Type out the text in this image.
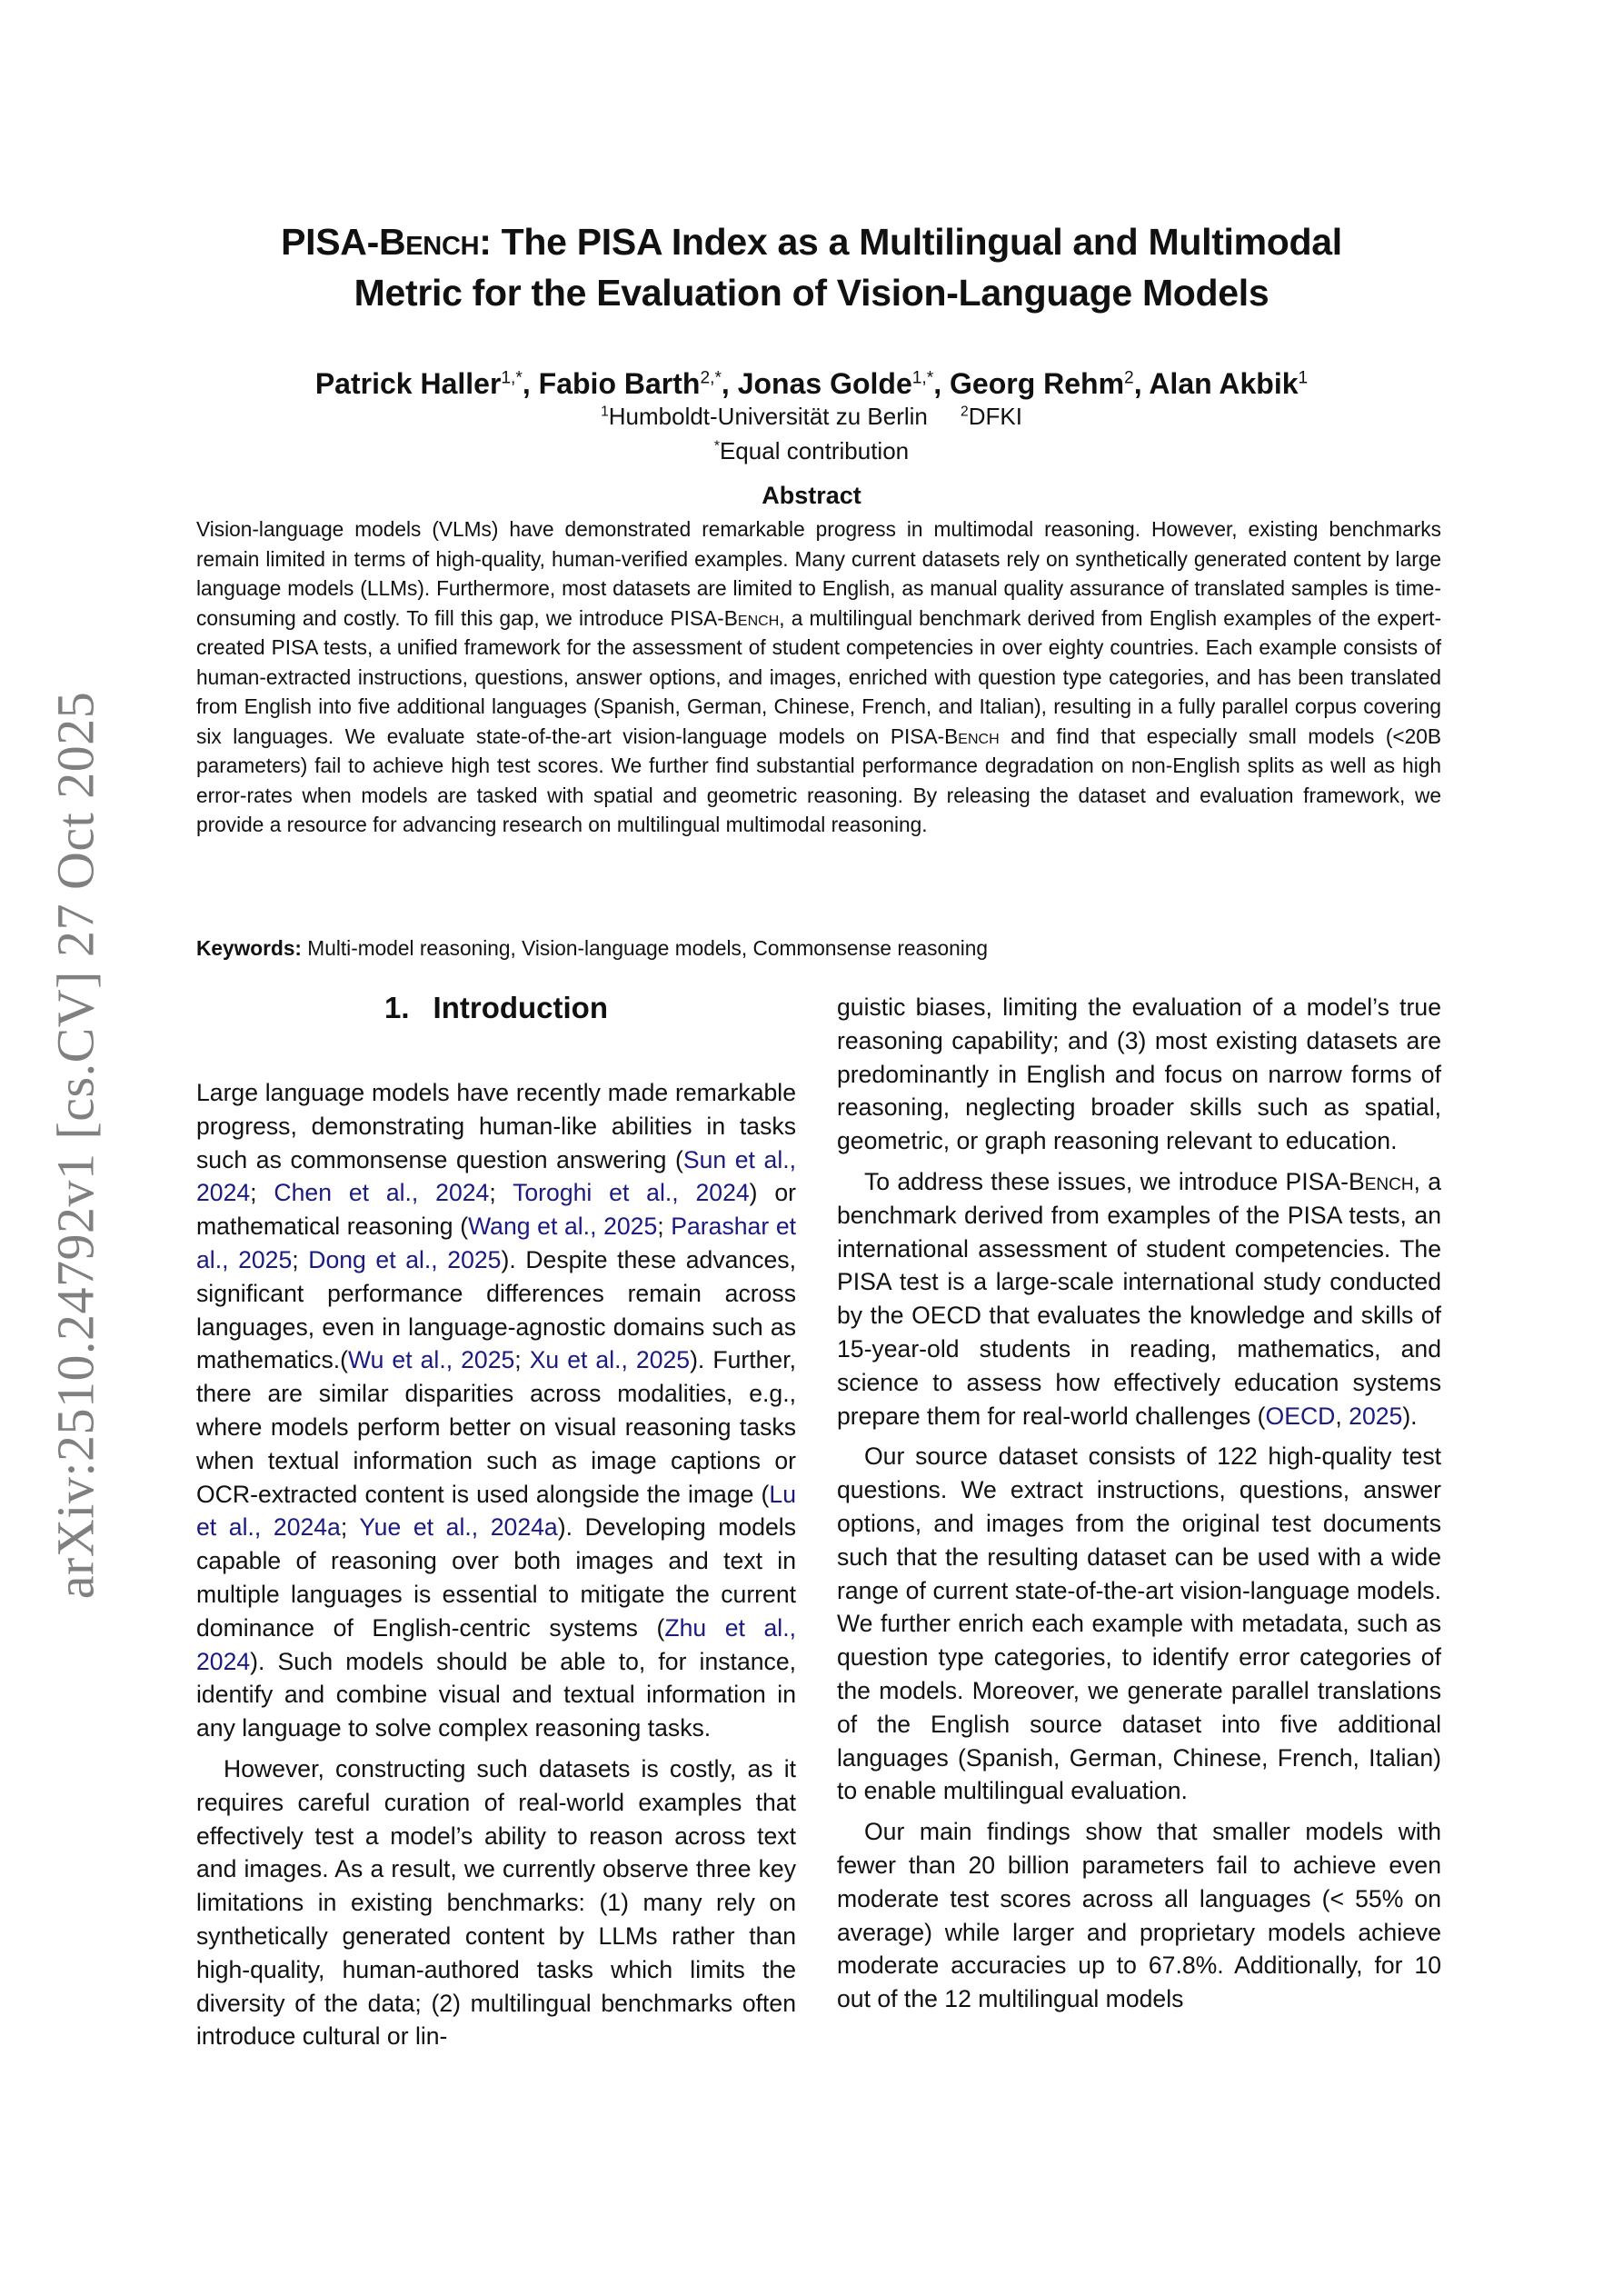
arXiv:2510.24792v1 [cs.CV] 27 Oct 2025
PISA-Bench: The PISA Index as a Multilingual and Multimodal
Metric for the Evaluation of Vision-Language Models
Patrick Haller$^{1,*}$, Fabio Barth$^{2,*}$, Jonas Golde$^{1,*}$, Georg Rehm$^2$, Alan Akbik$^1$
$^1$Humboldt-Universität zu Berlin $^2$DFKI
*Equal contribution
Abstract
Vision-language models (VLMs) have demonstrated remarkable progress in multimodal reasoning. However, existing benchmarks remain limited in terms of high-quality, human-verified examples. Many current datasets rely on synthetically generated content by large language models (LLMs). Furthermore, most datasets are limited to English, as manual quality assurance of translated samples is time-consuming and costly. To fill this gap, we introduce PISA-Bench, a multilingual benchmark derived from English examples of the expert-created PISA tests, a unified framework for the assessment of student competencies in over eighty countries. Each example consists of human-extracted instructions, questions, answer options, and images, enriched with question type categories, and has been translated from English into five additional languages (Spanish, German, Chinese, French, and Italian), resulting in a fully parallel corpus covering six languages. We evaluate state-of-the-art vision-language models on PISA-Bench and find that especially small models (<20B parameters) fail to achieve high test scores. We further find substantial performance degradation on non-English splits as well as high error-rates when models are tasked with spatial and geometric reasoning. By releasing the dataset and evaluation framework, we provide a resource for advancing research on multilingual multimodal reasoning.
Keywords: Multi-model reasoning, Vision-language models, Commonsense reasoning
1. Introduction

Large language models have recently made remarkable progress, demonstrating human-like abilities in tasks such as commonsense question answering (Sun et al., 2024; Chen et al., 2024; Toroghi et al., 2024) or mathematical reasoning (Wang et al., 2025; Parashar et al., 2025; Dong et al., 2025). Despite these advances, significant performance differences remain across languages, even in language-agnostic domains such as mathematics.(Wu et al., 2025; Xu et al., 2025). Further, there are similar disparities across modalities, e.g., where models perform better on visual reasoning tasks when textual information such as image captions or OCR-extracted content is used alongside the image (Lu et al., 2024a; Yue et al., 2024a). Developing models capable of reasoning over both images and text in multiple languages is essential to mitigate the current dominance of English-centric systems (Zhu et al., 2024). Such models should be able to, for instance, identify and combine visual and textual information in any language to solve complex reasoning tasks.

However, constructing such datasets is costly, as it requires careful curation of real-world examples that effectively test a model’s ability to reason across text and images. As a result, we currently observe three key limitations in existing benchmarks: (1) many rely on synthetically generated content by LLMs rather than high-quality, human-authored tasks which limits the diversity of the data; (2) multilingual benchmarks often introduce cultural or lin-

guistic biases, limiting the evaluation of a model’s true reasoning capability; and (3) most existing datasets are predominantly in English and focus on narrow forms of reasoning, neglecting broader skills such as spatial, geometric, or graph reasoning relevant to education.

To address these issues, we introduce PISA-Bench, a benchmark derived from examples of the PISA tests, an international assessment of student competencies. The PISA test is a large-scale international study conducted by the OECD that evaluates the knowledge and skills of 15-year-old students in reading, mathematics, and science to assess how effectively education systems prepare them for real-world challenges (OECD, 2025).

Our source dataset consists of 122 high-quality test questions. We extract instructions, questions, answer options, and images from the original test documents such that the resulting dataset can be used with a wide range of current state-of-the-art vision-language models. We further enrich each example with metadata, such as question type categories, to identify error categories of the models. Moreover, we generate parallel translations of the English source dataset into five additional languages (Spanish, German, Chinese, French, Italian) to enable multilingual evaluation.

Our main findings show that smaller models with fewer than 20 billion parameters fail to achieve even moderate test scores across all languages (< 55% on average) while larger and proprietary models achieve moderate accuracies up to 67.8%. Additionally, for 10 out of the 12 multilingual models
